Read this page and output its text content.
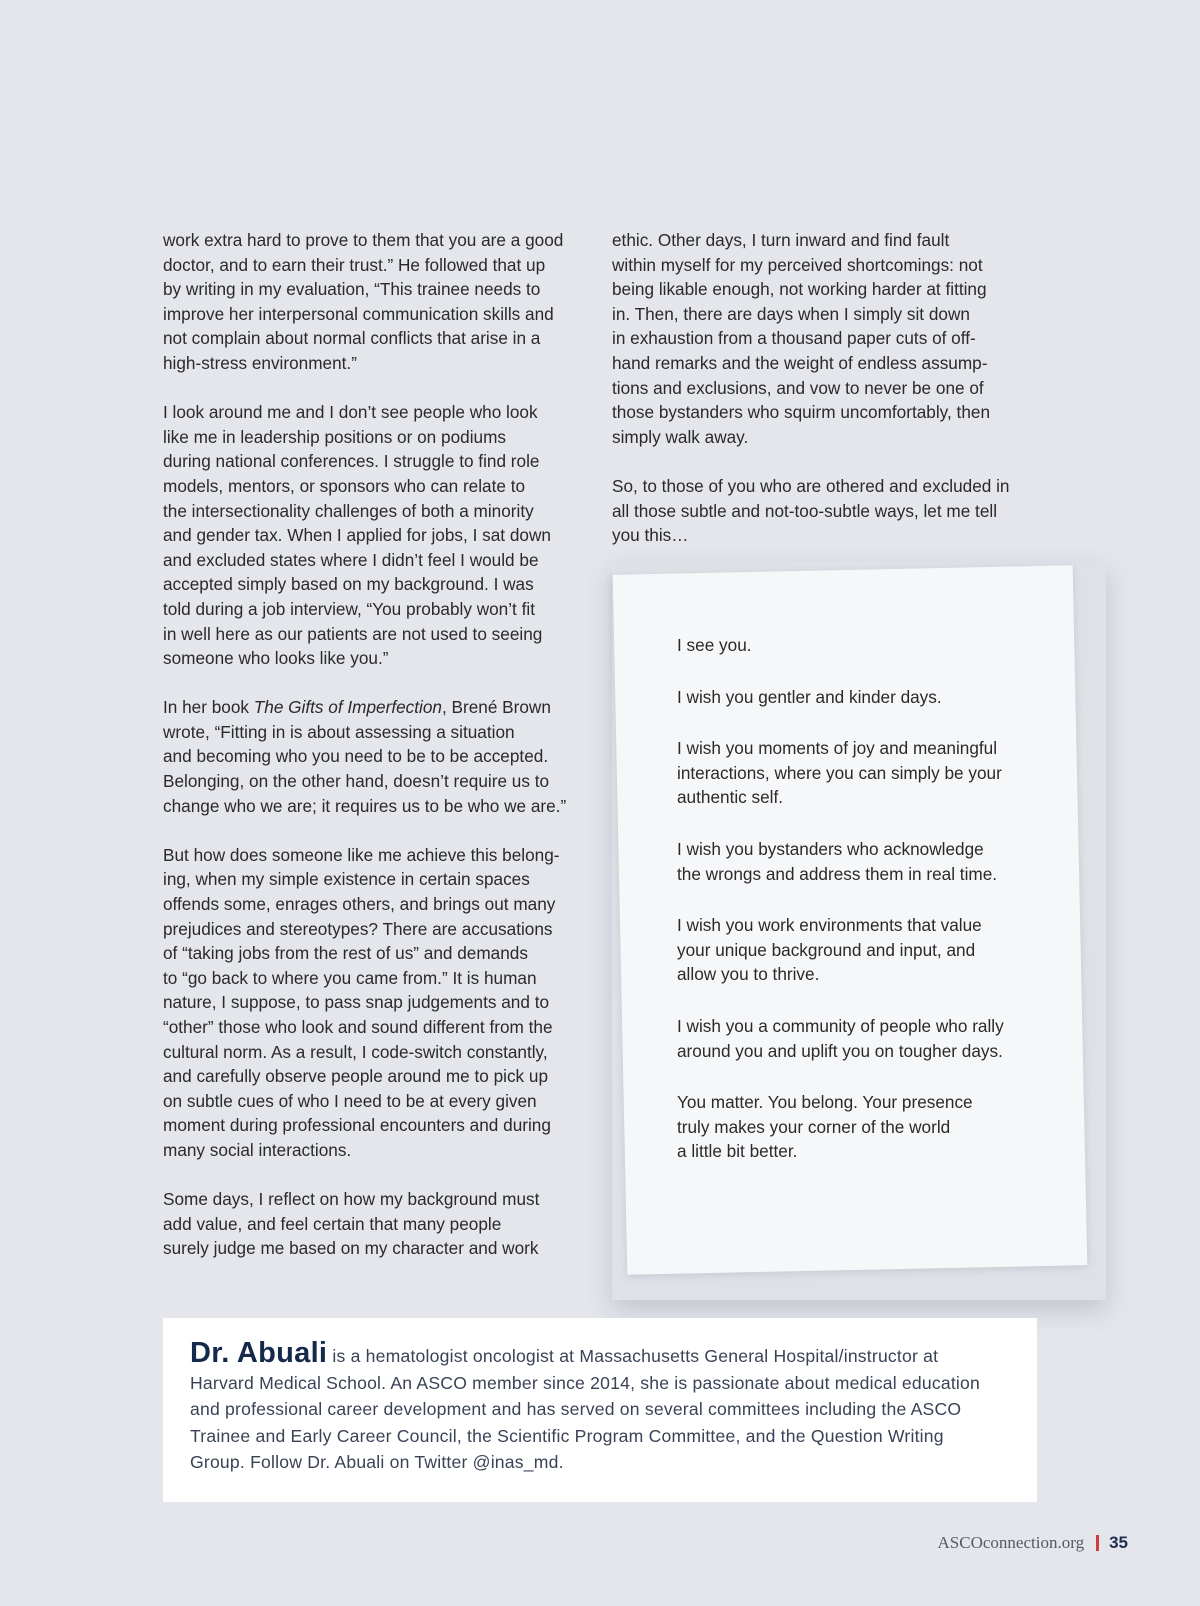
work extra hard to prove to them that you are a good
doctor, and to earn their trust.” He followed that up
by writing in my evaluation, “This trainee needs to
improve her interpersonal communication skills and
not complain about normal conflicts that arise in a
high-stress environment.”

I look around me and I don’t see people who look
like me in leadership positions or on podiums
during national conferences. I struggle to find role
models, mentors, or sponsors who can relate to
the intersectionality challenges of both a minority
and gender tax. When I applied for jobs, I sat down
and excluded states where I didn’t feel I would be
accepted simply based on my background. I was
told during a job interview, “You probably won’t fit
in well here as our patients are not used to seeing
someone who looks like you.”

In her book The Gifts of Imperfection, Brené Brown
wrote, “Fitting in is about assessing a situation
and becoming who you need to be to be accepted.
Belonging, on the other hand, doesn’t require us to
change who we are; it requires us to be who we are.”

But how does someone like me achieve this belong-
ing, when my simple existence in certain spaces
offends some, enrages others, and brings out many
prejudices and stereotypes? There are accusations
of “taking jobs from the rest of us” and demands
to “go back to where you came from.” It is human
nature, I suppose, to pass snap judgements and to
“other” those who look and sound different from the
cultural norm. As a result, I code-switch constantly,
and carefully observe people around me to pick up
on subtle cues of who I need to be at every given
moment during professional encounters and during
many social interactions.

Some days, I reflect on how my background must
add value, and feel certain that many people
surely judge me based on my character and work

ethic. Other days, I turn inward and find fault
within myself for my perceived shortcomings: not
being likable enough, not working harder at fitting
in. Then, there are days when I simply sit down
in exhaustion from a thousand paper cuts of off-
hand remarks and the weight of endless assump-
tions and exclusions, and vow to never be one of
those bystanders who squirm uncomfortably, then
simply walk away.

So, to those of you who are othered and excluded in
all those subtle and not-too-subtle ways, let me tell
you this…

I see you.

I wish you gentler and kinder days.

I wish you moments of joy and meaningful
interactions, where you can simply be your
authentic self.

I wish you bystanders who acknowledge
the wrongs and address them in real time.

I wish you work environments that value
your unique background and input, and
allow you to thrive.

I wish you a community of people who rally
around you and uplift you on tougher days.

You matter. You belong. Your presence
truly makes your corner of the world
a little bit better.

Dr. Abuali is a hematologist oncologist at Massachusetts General Hospital/instructor at
Harvard Medical School. An ASCO member since 2014, she is passionate about medical education
and professional career development and has served on several committees including the ASCO
Trainee and Early Career Council, the Scientific Program Committee, and the Question Writing
Group. Follow Dr. Abuali on Twitter @inas_md.
ASCOconnection.org 35
